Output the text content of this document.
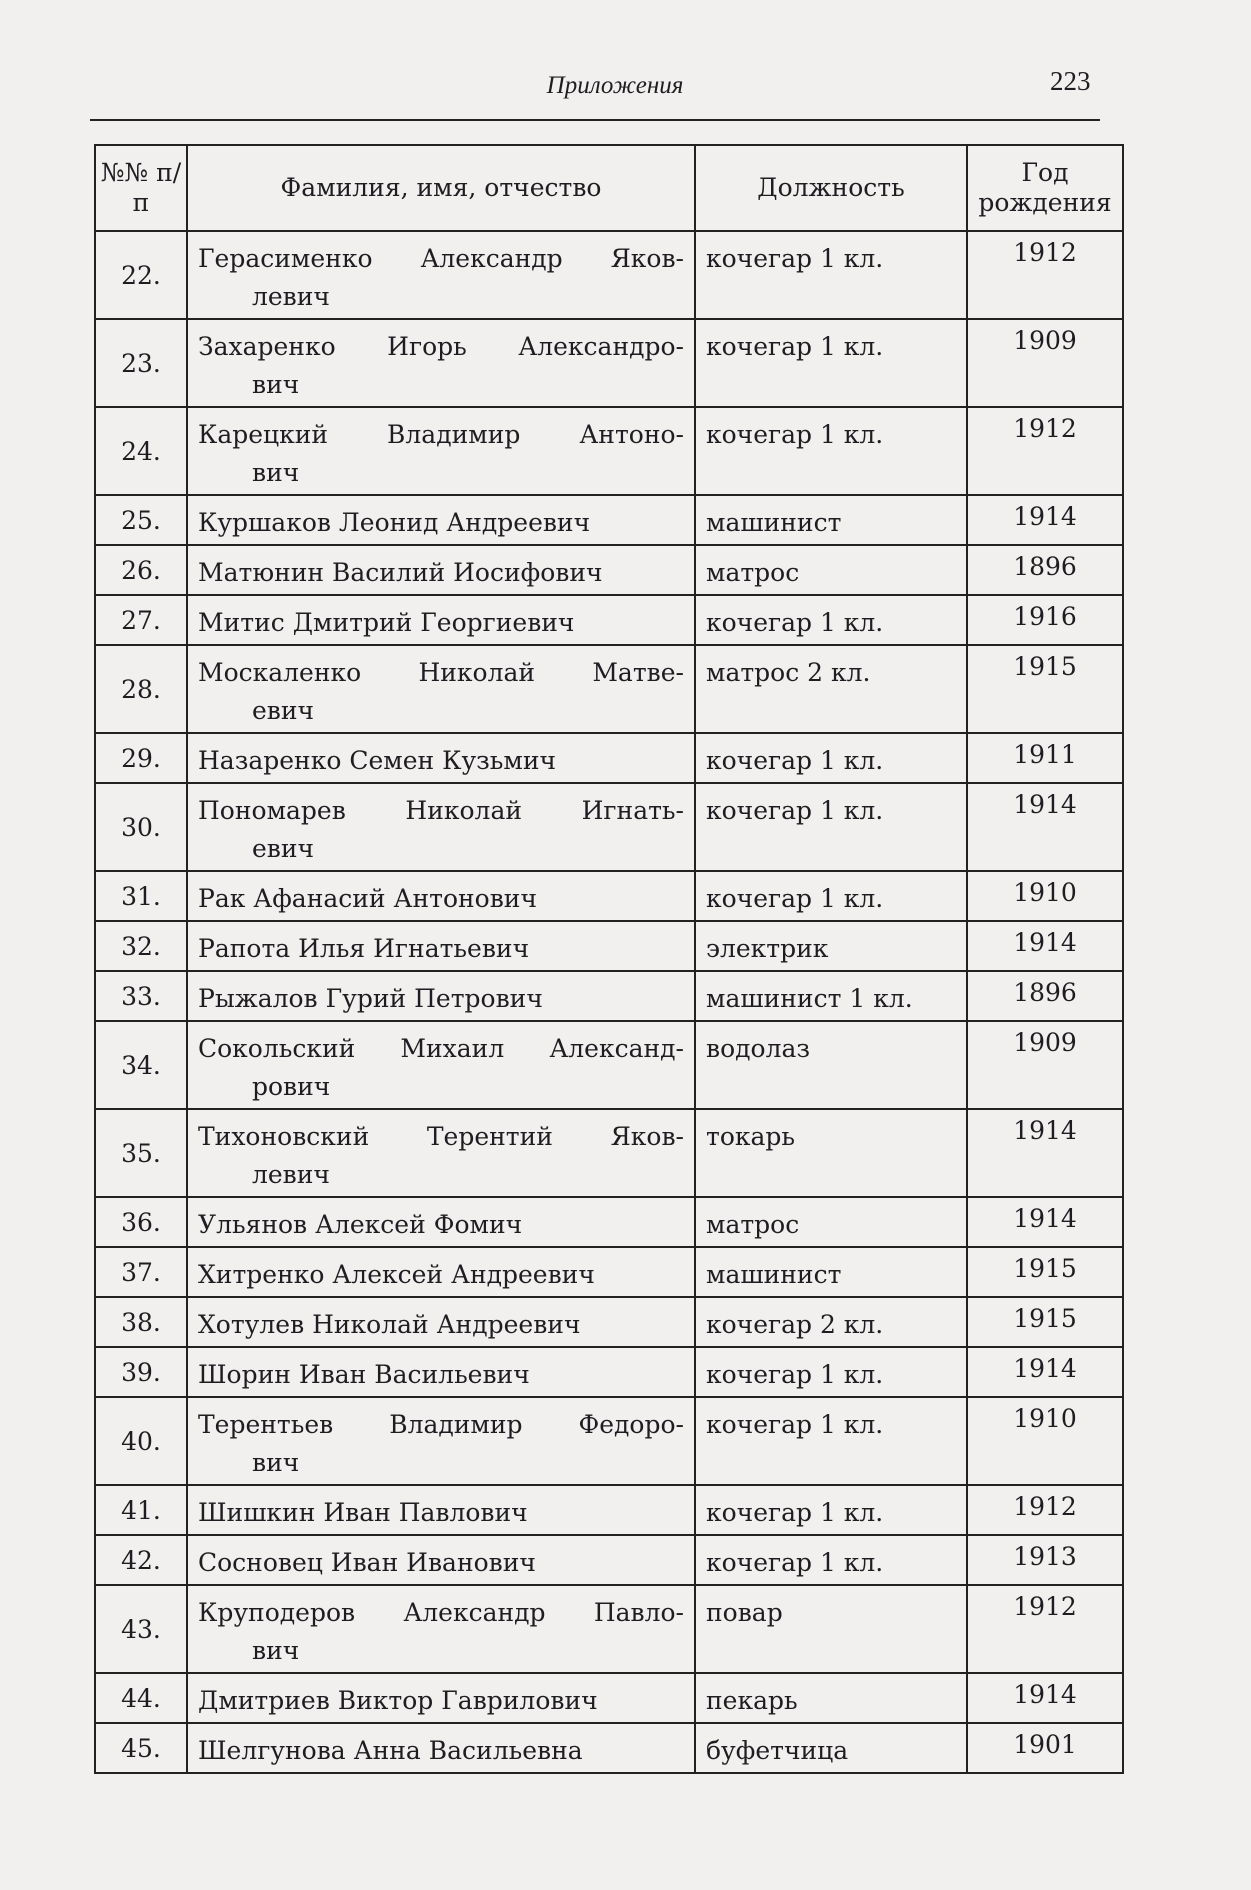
Приложения	223
№№ п/п	Фамилия, имя, отчество	Должность	Год рождения
22.	Герасименко Александр Яков-
левич	кочегар 1 кл.	1912
23.	Захаренко Игорь Александро-
вич	кочегар 1 кл.	1909
24.	Карецкий Владимир Антоно-
вич	кочегар 1 кл.	1912
25.	Куршаков Леонид Андреевич	машинист	1914
26.	Матюнин Василий Иосифович	матрос	1896
27.	Митис Дмитрий Георгиевич	кочегар 1 кл.	1916
28.	Москаленко Николай Матве-
евич	матрос 2 кл.	1915
29.	Назаренко Семен Кузьмич	кочегар 1 кл.	1911
30.	Пономарев Николай Игнать-
евич	кочегар 1 кл.	1914
31.	Рак Афанасий Антонович	кочегар 1 кл.	1910
32.	Рапота Илья Игнатьевич	электрик	1914
33.	Рыжалов Гурий Петрович	машинист 1 кл.	1896
34.	Сокольский Михаил Александ-
рович	водолаз	1909
35.	Тихоновский Терентий Яков-
левич	токарь	1914
36.	Ульянов Алексей Фомич	матрос	1914
37.	Хитренко Алексей Андреевич	машинист	1915
38.	Хотулев Николай Андреевич	кочегар 2 кл.	1915
39.	Шорин Иван Васильевич	кочегар 1 кл.	1914
40.	Терентьев Владимир Федоро-
вич	кочегар 1 кл.	1910
41.	Шишкин Иван Павлович	кочегар 1 кл.	1912
42.	Сосновец Иван Иванович	кочегар 1 кл.	1913
43.	Круподеров Александр Павло-
вич	повар	1912
44.	Дмитриев Виктор Гаврилович	пекарь	1914
45.	Шелгунова Анна Васильевна	буфетчица	1901
